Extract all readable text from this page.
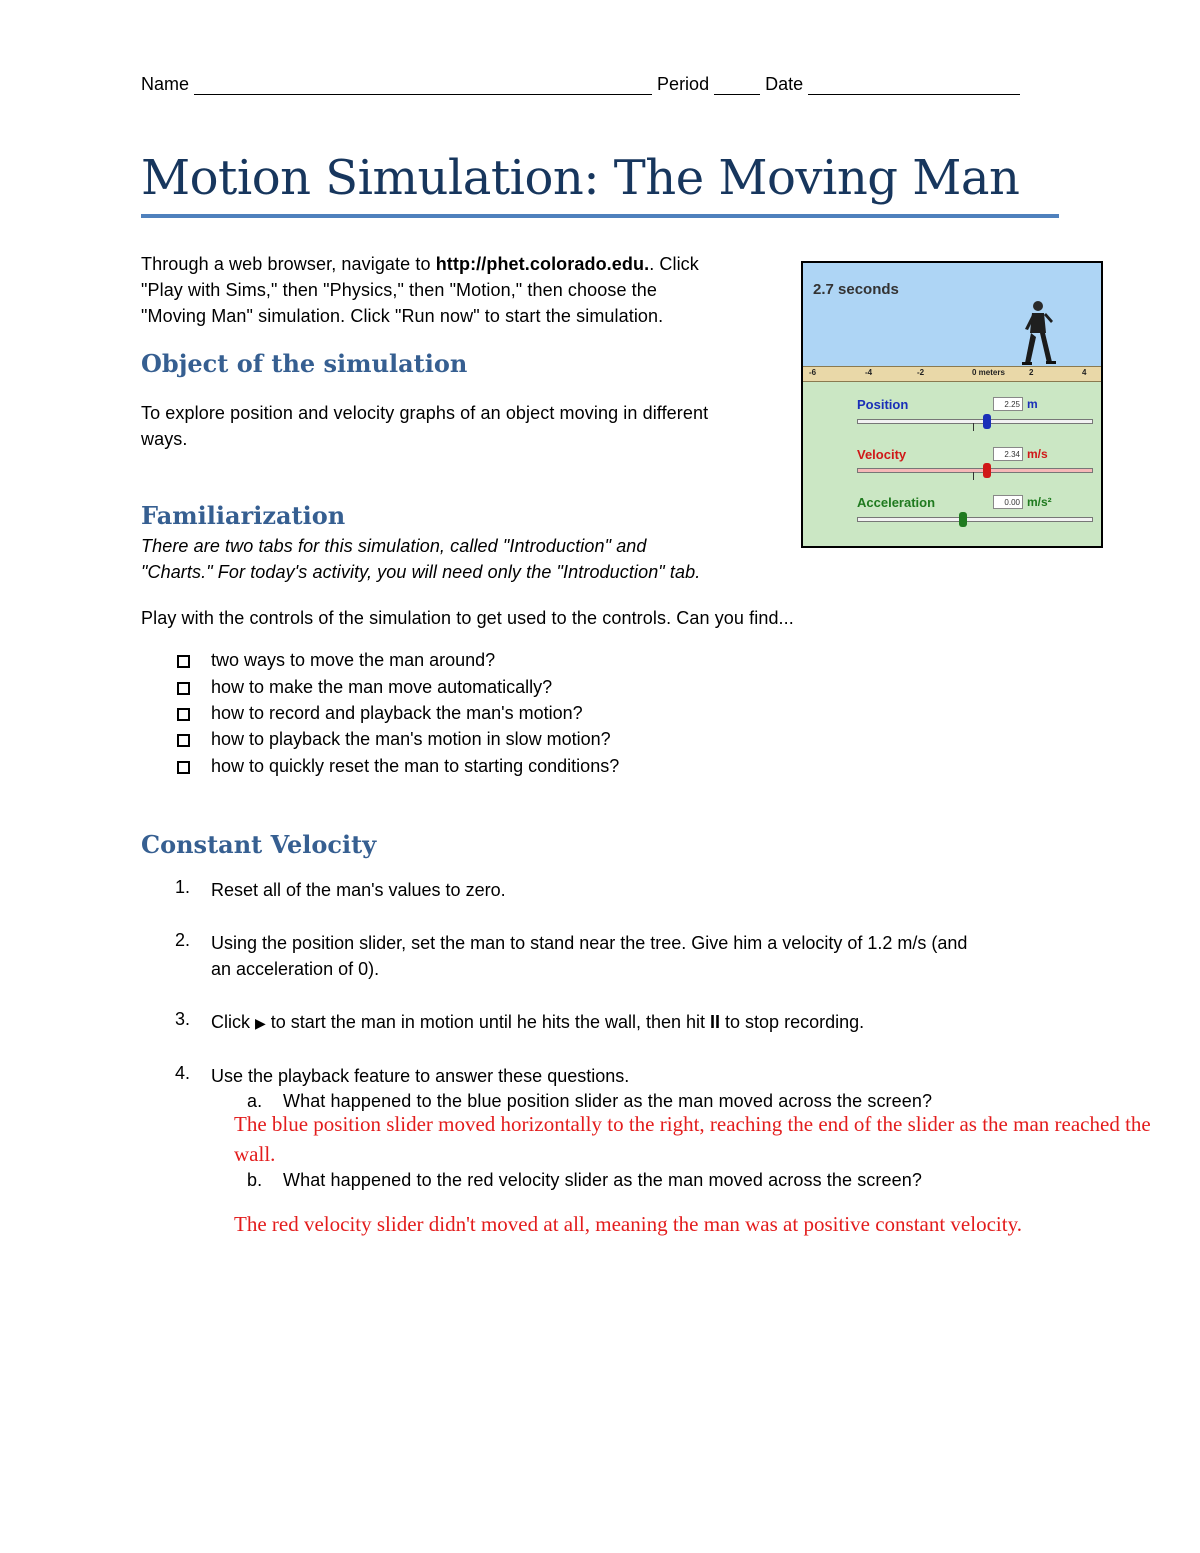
Name	Period	Date
Motion Simulation: The Moving Man
Through a web browser, navigate to http://phet.colorado.edu.. Click
"Play with Sims," then "Physics," then "Motion," then choose the
"Moving Man" simulation. Click "Run now" to start the simulation.
Object of the simulation
To explore position and velocity graphs of an object moving in different
ways.
Familiarization
There are two tabs for this simulation, called "Introduction" and
"Charts." For today's activity, you will need only the "Introduction" tab.
Play with the controls of the simulation to get used to the controls. Can you find...
two ways to move the man around?
how to make the man move automatically?
how to record and playback the man's motion?
how to playback the man's motion in slow motion?
how to quickly reset the man to starting conditions?
Constant Velocity
1.	Reset all of the man's values to zero.
2.	Using the position slider, set the man to stand near the tree. Give him a velocity of 1.2 m/s (and
an acceleration of 0).
3.	Click ▶ to start the man in motion until he hits the wall, then hit II to stop recording.
4.	Use the playback feature to answer these questions.
a. What happened to the blue position slider as the man moved across the screen?
The blue position slider moved horizontally to the right, reaching the end of the slider as the man reached the
wall.
b. What happened to the red velocity slider as the man moved across the screen?
The red velocity slider didn't moved at all, meaning the man was at positive constant velocity.
2.7 seconds
-6	-4	-2	0 meters	2	4
Position	2.25 m
Velocity	2.34 m/s
Acceleration	0.00 m/s²
